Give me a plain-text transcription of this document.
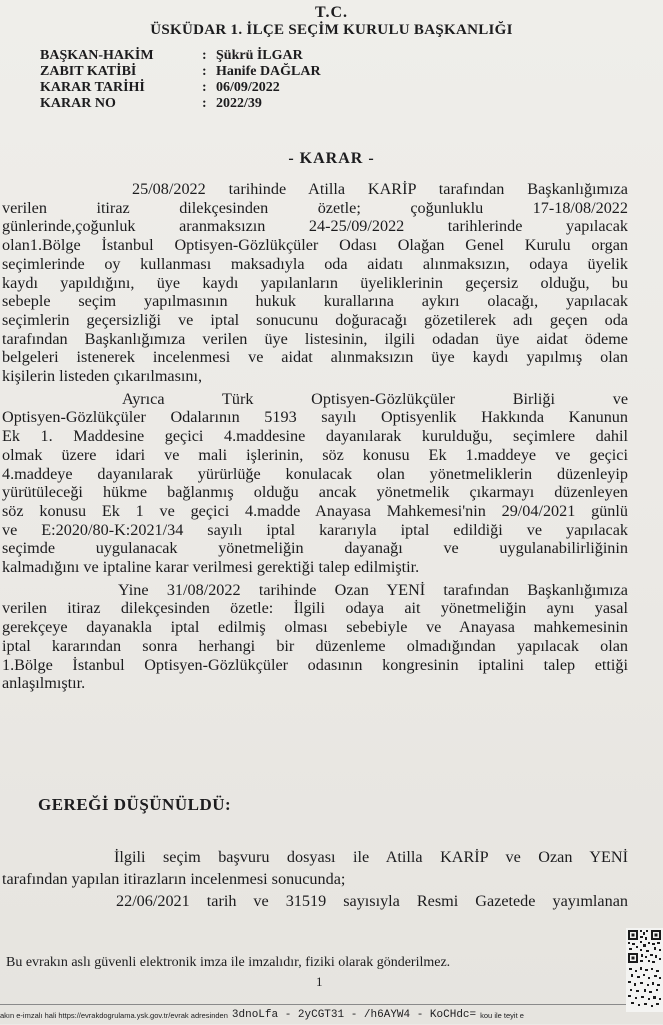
T.C.
ÜSKÜDAR 1. İLÇE SEÇİM KURULU BAŞKANLIĞI
BAŞKAN-HAKİM	: Şükrü İLGAR
ZABIT KATİBİ	: Hanife DAĞLAR
KARAR TARİHİ	: 06/09/2022
KARAR NO	: 2022/39
- KARAR -
25/08/2022 tarihinde Atilla KARİP tarafından Başkanlığımıza
verilen itiraz dilekçesinden özetle; çoğunluklu 17-18/08/2022
günlerinde,çoğunluk aranmaksızın 24-25/09/2022 tarihlerinde yapılacak
olan1.Bölge İstanbul Optisyen-Gözlükçüler Odası Olağan Genel Kurulu organ
seçimlerinde oy kullanması maksadıyla oda aidatı alınmaksızın, odaya üyelik
kaydı yapıldığını, üye kaydı yapılanların üyeliklerinin geçersiz olduğu, bu
sebeple seçim yapılmasının hukuk kurallarına aykırı olacağı, yapılacak
seçimlerin geçersizliği ve iptal sonucunu doğuracağı gözetilerek adı geçen oda
tarafından Başkanlığımıza verilen üye listesinin, ilgili odadan üye aidat ödeme
belgeleri istenerek incelenmesi ve aidat alınmaksızın üye kaydı yapılmış olan
kişilerin listeden çıkarılmasını,
Ayrıca Türk Optisyen-Gözlükçüler Birliği ve
Optisyen-Gözlükçüler Odalarının 5193 sayılı Optisyenlik Hakkında Kanunun
Ek 1. Maddesine geçici 4.maddesine dayanılarak kurulduğu, seçimlere dahil
olmak üzere idari ve mali işlerinin, söz konusu Ek 1.maddeye ve geçici
4.maddeye dayanılarak yürürlüğe konulacak olan yönetmeliklerin düzenleyip
yürütüleceği hükme bağlanmış olduğu ancak yönetmelik çıkarmayı düzenleyen
söz konusu Ek 1 ve geçici 4.madde Anayasa Mahkemesi'nin 29/04/2021 günlü
ve E:2020/80-K:2021/34 sayılı iptal kararıyla iptal edildiği ve yapılacak
seçimde uygulanacak yönetmeliğin dayanağı ve uygulanabilirliğinin
kalmadığını ve iptaline karar verilmesi gerektiği talep edilmiştir.
Yine 31/08/2022 tarihinde Ozan YENİ tarafından Başkanlığımıza
verilen itiraz dilekçesinden özetle: İlgili odaya ait yönetmeliğin aynı yasal
gerekçeye dayanakla iptal edilmiş olması sebebiyle ve Anayasa mahkemesinin
iptal kararından sonra herhangi bir düzenleme olmadığından yapılacak olan
1.Bölge İstanbul Optisyen-Gözlükçüler odasının kongresinin iptalini talep ettiği
anlaşılmıştır.
GEREĞİ DÜŞÜNÜLDÜ:
İlgili seçim başvuru dosyası ile Atilla KARİP ve Ozan YENİ
tarafından yapılan itirazların incelenmesi sonucunda;
22/06/2021 tarih ve 31519 sayısıyla Resmi Gazetede yayımlanan
Bu evrakın aslı güvenli elektronik imza ile imzalıdır, fiziki olarak gönderilmez.
1
akın e-imzalı hali https://evrakdogrulama.ysk.gov.tr/evrak adresinden 3dnoLfa - 2yCGT31 - /h6AYW4 - KoCHdc= kou ile teyit e
